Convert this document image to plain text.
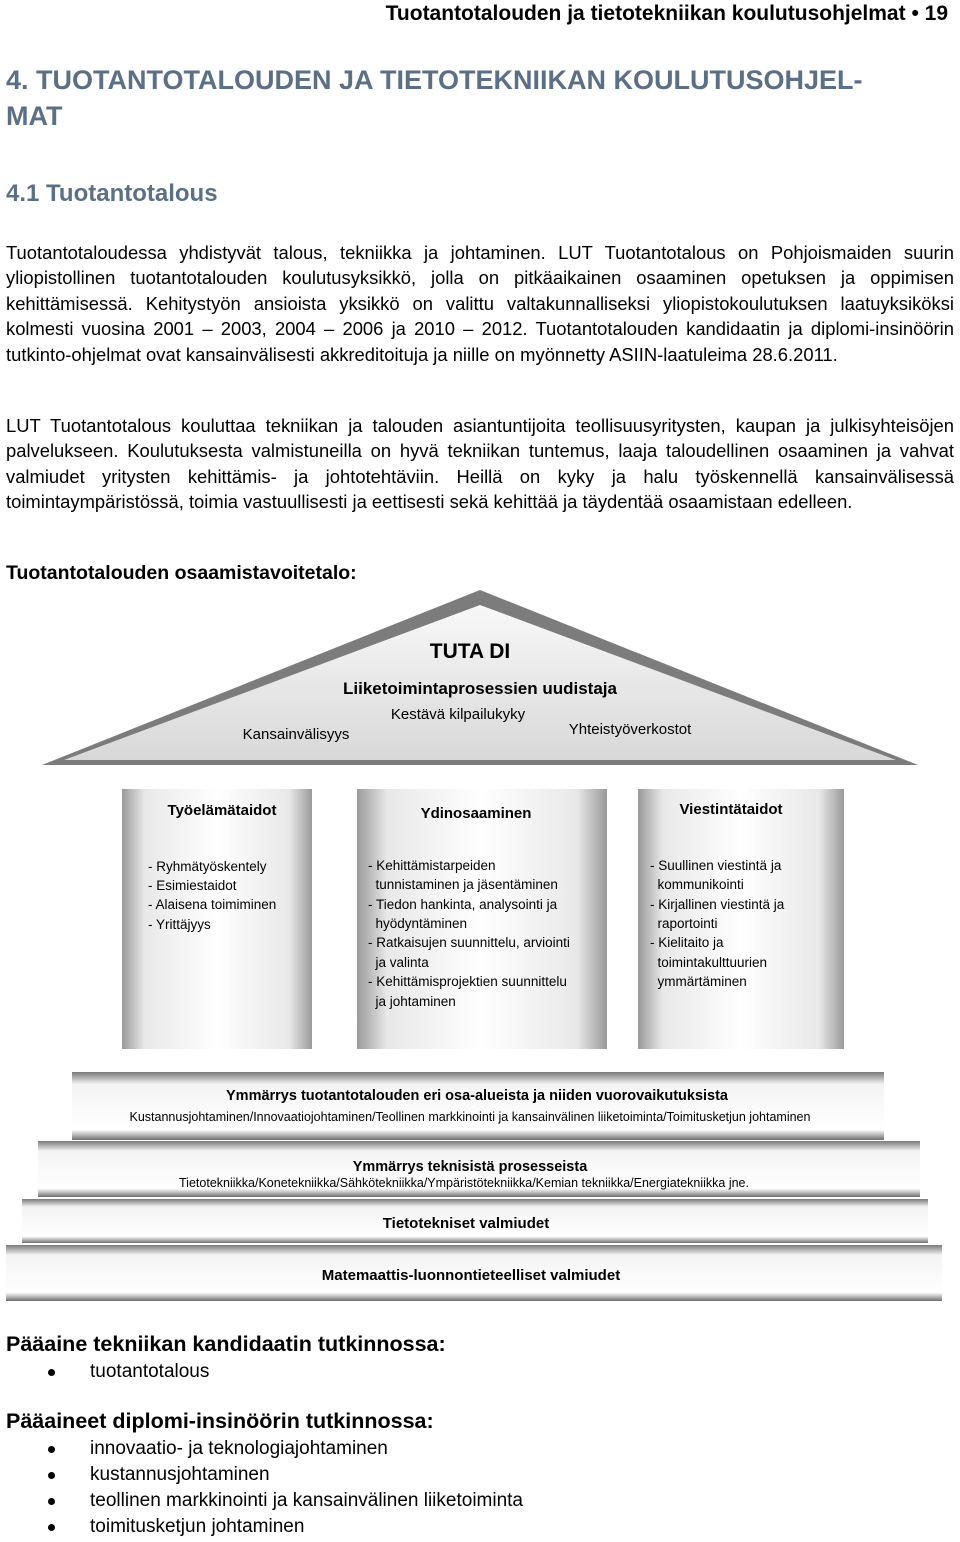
Tuotantotalouden ja tietotekniikan koulutusohjelmat • 19
4. TUOTANTOTALOUDEN JA TIETOTEKNIIKAN KOULUTUSOHJEL-
MAT
4.1 Tuotantotalous
Tuotantotaloudessa yhdistyvät talous, tekniikka ja johtaminen. LUT Tuotantotalous on Pohjoismaiden suurin yliopistollinen tuotantotalouden koulutusyksikkö, jolla on pitkäaikainen osaaminen opetuksen ja oppimisen kehittämisessä. Kehitystyön ansioista yksikkö on valittu valtakunnalliseksi yliopistokoulutuksen laatuyksiköksi kolmesti vuosina 2001 – 2003, 2004 – 2006 ja 2010 – 2012. Tuotantotalouden kandidaatin ja diplomi-insinöörin tutkinto-ohjelmat ovat kansainvälisesti akkreditoituja ja niille on myönnetty ASIIN-laatuleima 28.6.2011.
LUT Tuotantotalous kouluttaa tekniikan ja talouden asiantuntijoita teollisuusyritysten, kaupan ja julkisyhteisöjen palvelukseen. Koulutuksesta valmistuneilla on hyvä tekniikan tuntemus, laaja taloudellinen osaaminen ja vahvat valmiudet yritysten kehittämis- ja johtotehtäviin. Heillä on kyky ja halu työskennellä kansainvälisessä toimintaympäristössä, toimia vastuullisesti ja eettisesti sekä kehittää ja täydentää osaamistaan edelleen.
Tuotantotalouden osaamistavoitetalo:
TUTA DI
Liiketoimintaprosessien uudistaja
Kestävä kilpailukyky
Kansainvälisyys	Yhteistyöverkostot
Työelämätaidot
- Ryhmätyöskentely - Esimiestaidot - Alaisena toimiminen - Yrittäjyys
Ydinosaaminen
- Kehittämistarpeiden         tunnistaminen ja jäsentäminen - Tiedon hankinta, analysointi ja         hyödyntäminen - Ratkaisujen suunnittelu, arviointi         ja valinta - Kehittämisprojektien suunnittelu         ja johtaminen
Viestintätaidot
- Suullinen viestintä ja         kommunikointi - Kirjallinen viestintä ja         raportointi - Kielitaito ja         toimintakulttuurien         ymmärtäminen
Ymmärrys tuotantotalouden eri osa-alueista ja niiden vuorovaikutuksista
Kustannusjohtaminen/Innovaatiojohtaminen/Teollinen markkinointi ja kansainvälinen liiketoiminta/Toimitusketjun johtaminen
Ymmärrys teknisistä prosesseista
Tietotekniikka/Konetekniikka/Sähkötekniikka/Ympäristötekniikka/Kemian tekniikka/Energiatekniikka jne.
Tietotekniset valmiudet
Matemaattis-luonnontieteelliset valmiudet
Pääaine tekniikan kandidaatin tutkinnossa:
tuotantotalous
Pääaineet diplomi-insinöörin tutkinnossa:
innovaatio- ja teknologiajohtaminen
kustannusjohtaminen
teollinen markkinointi ja kansainvälinen liiketoiminta
toimitusketjun johtaminen
